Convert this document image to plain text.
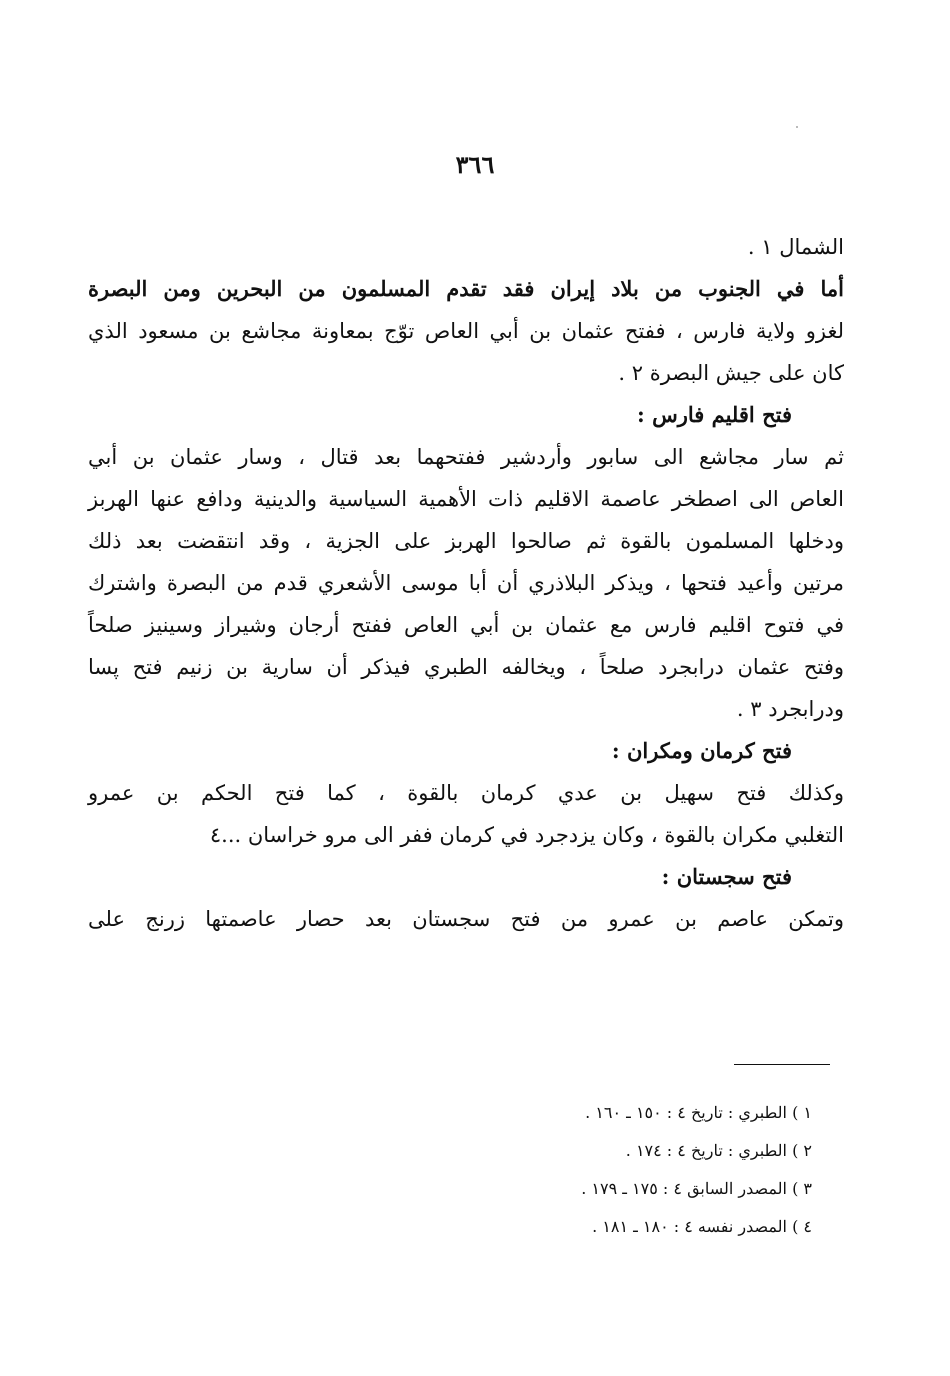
٣٦٦
الشمال ١ .
أما في الجنوب من بلاد إيران فقد تقدم المسلمون من البحرين ومن البصرة
لغزو ولاية فارس ، ففتح عثمان بن أبي العاص توّج بمعاونة مجاشع بن مسعود الذي
كان على جيش البصرة ٢ .
فتح اقليم فارس :
ثم سار مجاشع الى سابور وأردشير ففتحهما بعد قتال ، وسار عثمان بن أبي
العاص الى اصطخر عاصمة الاقليم ذات الأهمية السياسية والدينية ودافع عنها الهربز
ودخلها المسلمون بالقوة ثم صالحوا الهربز على الجزية ، وقد انتقضت بعد ذلك
مرتين وأعيد فتحها ، ويذكر البلاذري أن أبا موسى الأشعري قدم من البصرة واشترك
في فتوح اقليم فارس مع عثمان بن أبي العاص ففتح أرجان وشيراز وسينيز صلحاً
وفتح عثمان درابجرد صلحاً ، ويخالفه الطبري فيذكر أن سارية بن زنيم فتح پسا
ودرابجرد ٣ .
فتح كرمان ومكران :
وكذلك فتح سهيل بن عدي كرمان بالقوة ، كما فتح الحكم بن عمرو
التغلبي مكران بالقوة ، وكان يزدجرد في كرمان ففر الى مرو خراسان ...٤
فتح سجستان :
وتمكن عاصم بن عمرو من فتح سجستان بعد حصار عاصمتها زرنج على
١ ) الطبري : تاريخ ٤ : ١٥٠ ـ ١٦٠ .
٢ ) الطبري : تاريخ ٤ : ١٧٤ .
٣ ) المصدر السابق ٤ : ١٧٥ ـ ١٧٩ .
٤ ) المصدر نفسه ٤ : ١٨٠ ـ ١٨١ .
